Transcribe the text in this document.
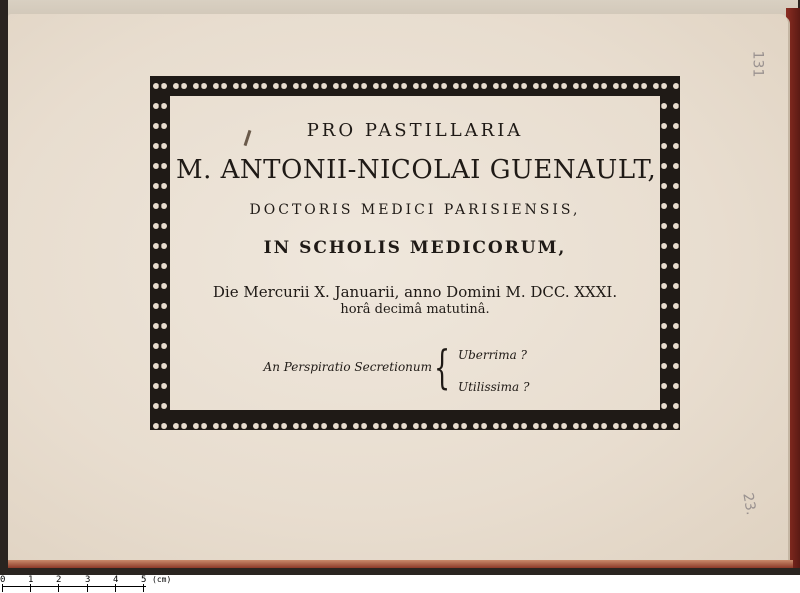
PRO PASTILLARIA
M. ANTONII-NICOLAI GUENAULT,
DOCTORIS MEDICI PARISIENSIS,
IN SCHOLIS MEDICORUM,
Die Mercurii X. Januarii, anno Domini M. DCC. XXXI.
horâ decimâ matutinâ.
An Perspiratio Secretionum { Uberrima ?
Utilissima ?
131
23.
0	1	2	3	4	5 (cm)
